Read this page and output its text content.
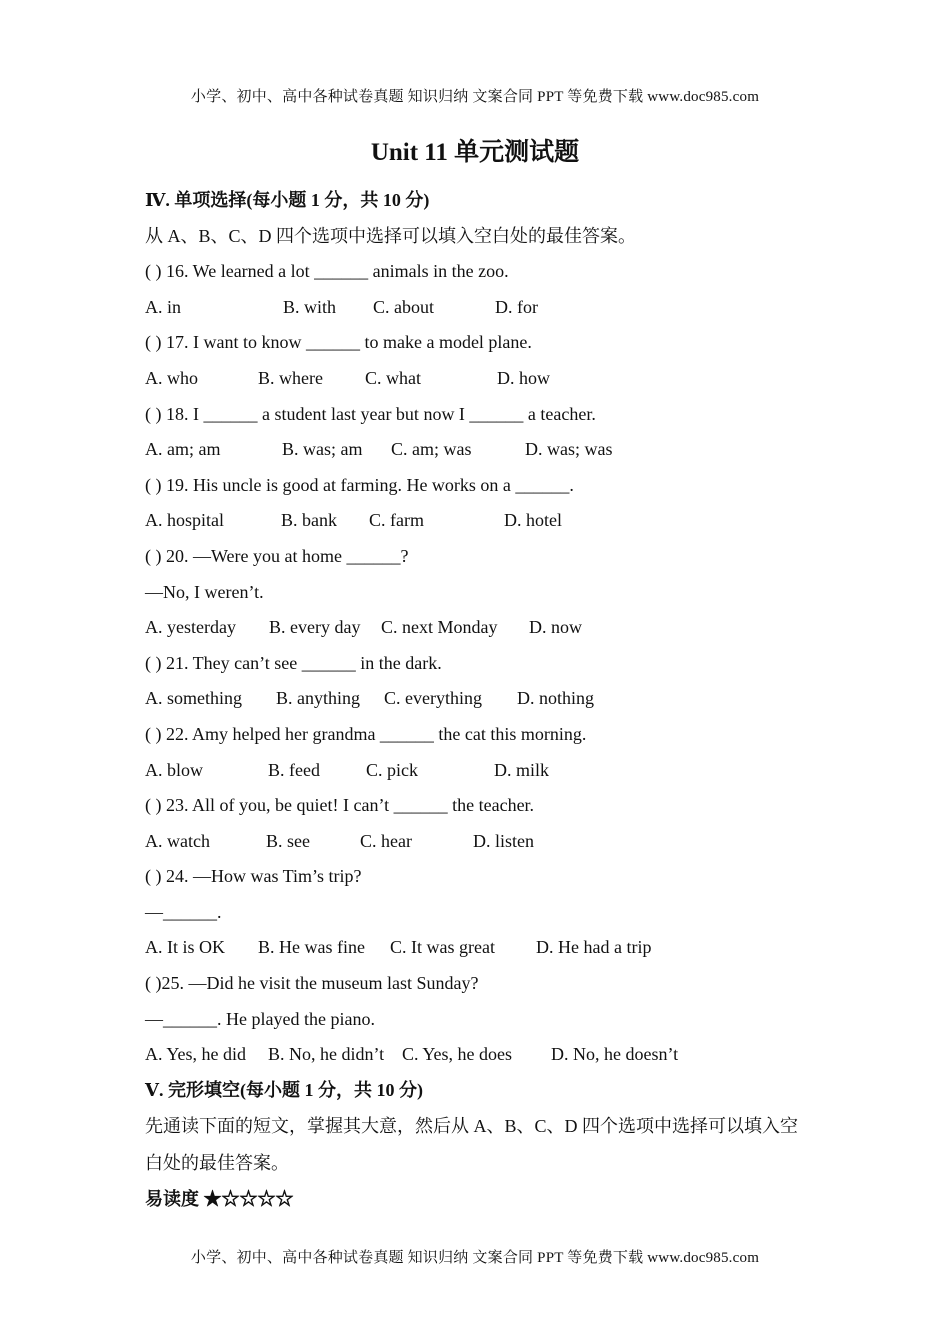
小学、初中、高中各种试卷真题 知识归纳 文案合同 PPT 等免费下载 www.doc985.com
Unit 11 单元测试题
Ⅳ. 单项选择(每小题 1 分，共 10 分)
从 A、B、C、D 四个选项中选择可以填入空白处的最佳答案。
( ) 16. We learned a lot ______ animals in the zoo.
A. in	B. with C. about	D. for
( ) 17. I want to know ______ to make a model plane.
A. who	B. where C. what	D. how
( ) 18. I ______ a student last year but now I ______ a teacher.
A. am; am	B. was; am C. am; was	D. was; was
( ) 19. His uncle is good at farming. He works on a ______.
A. hospital	B. bank C. farm	D. hotel
( ) 20. —Were you at home ______?
—No, I weren’t.
A. yesterday B. every day C. next Monday D. now
( ) 21. They can’t see ______ in the dark.
A. something B. anything C. everything D. nothing
( ) 22. Amy helped her grandma ______ the cat this morning.
A. blow	B. feed	C. pick	D. milk
( ) 23. All of you, be quiet! I can’t ______ the teacher.
A. watch	B. see	C. hear	D. listen
( ) 24. —How was Tim’s trip?
—______.
A. It is OK B. He was fine C. It was great D. He had a trip
( )25. —Did he visit the museum last Sunday?
—______. He played the piano.
A. Yes, he did B. No, he didn’t C. Yes, he does D. No, he doesn’t
Ⅴ. 完形填空(每小题 1 分，共 10 分)
先通读下面的短文，掌握其大意，然后从 A、B、C、D 四个选项中选择可以填入空白处的最佳答案。
易读度 ★☆☆☆☆
小学、初中、高中各种试卷真题 知识归纳 文案合同 PPT 等免费下载 www.doc985.com
